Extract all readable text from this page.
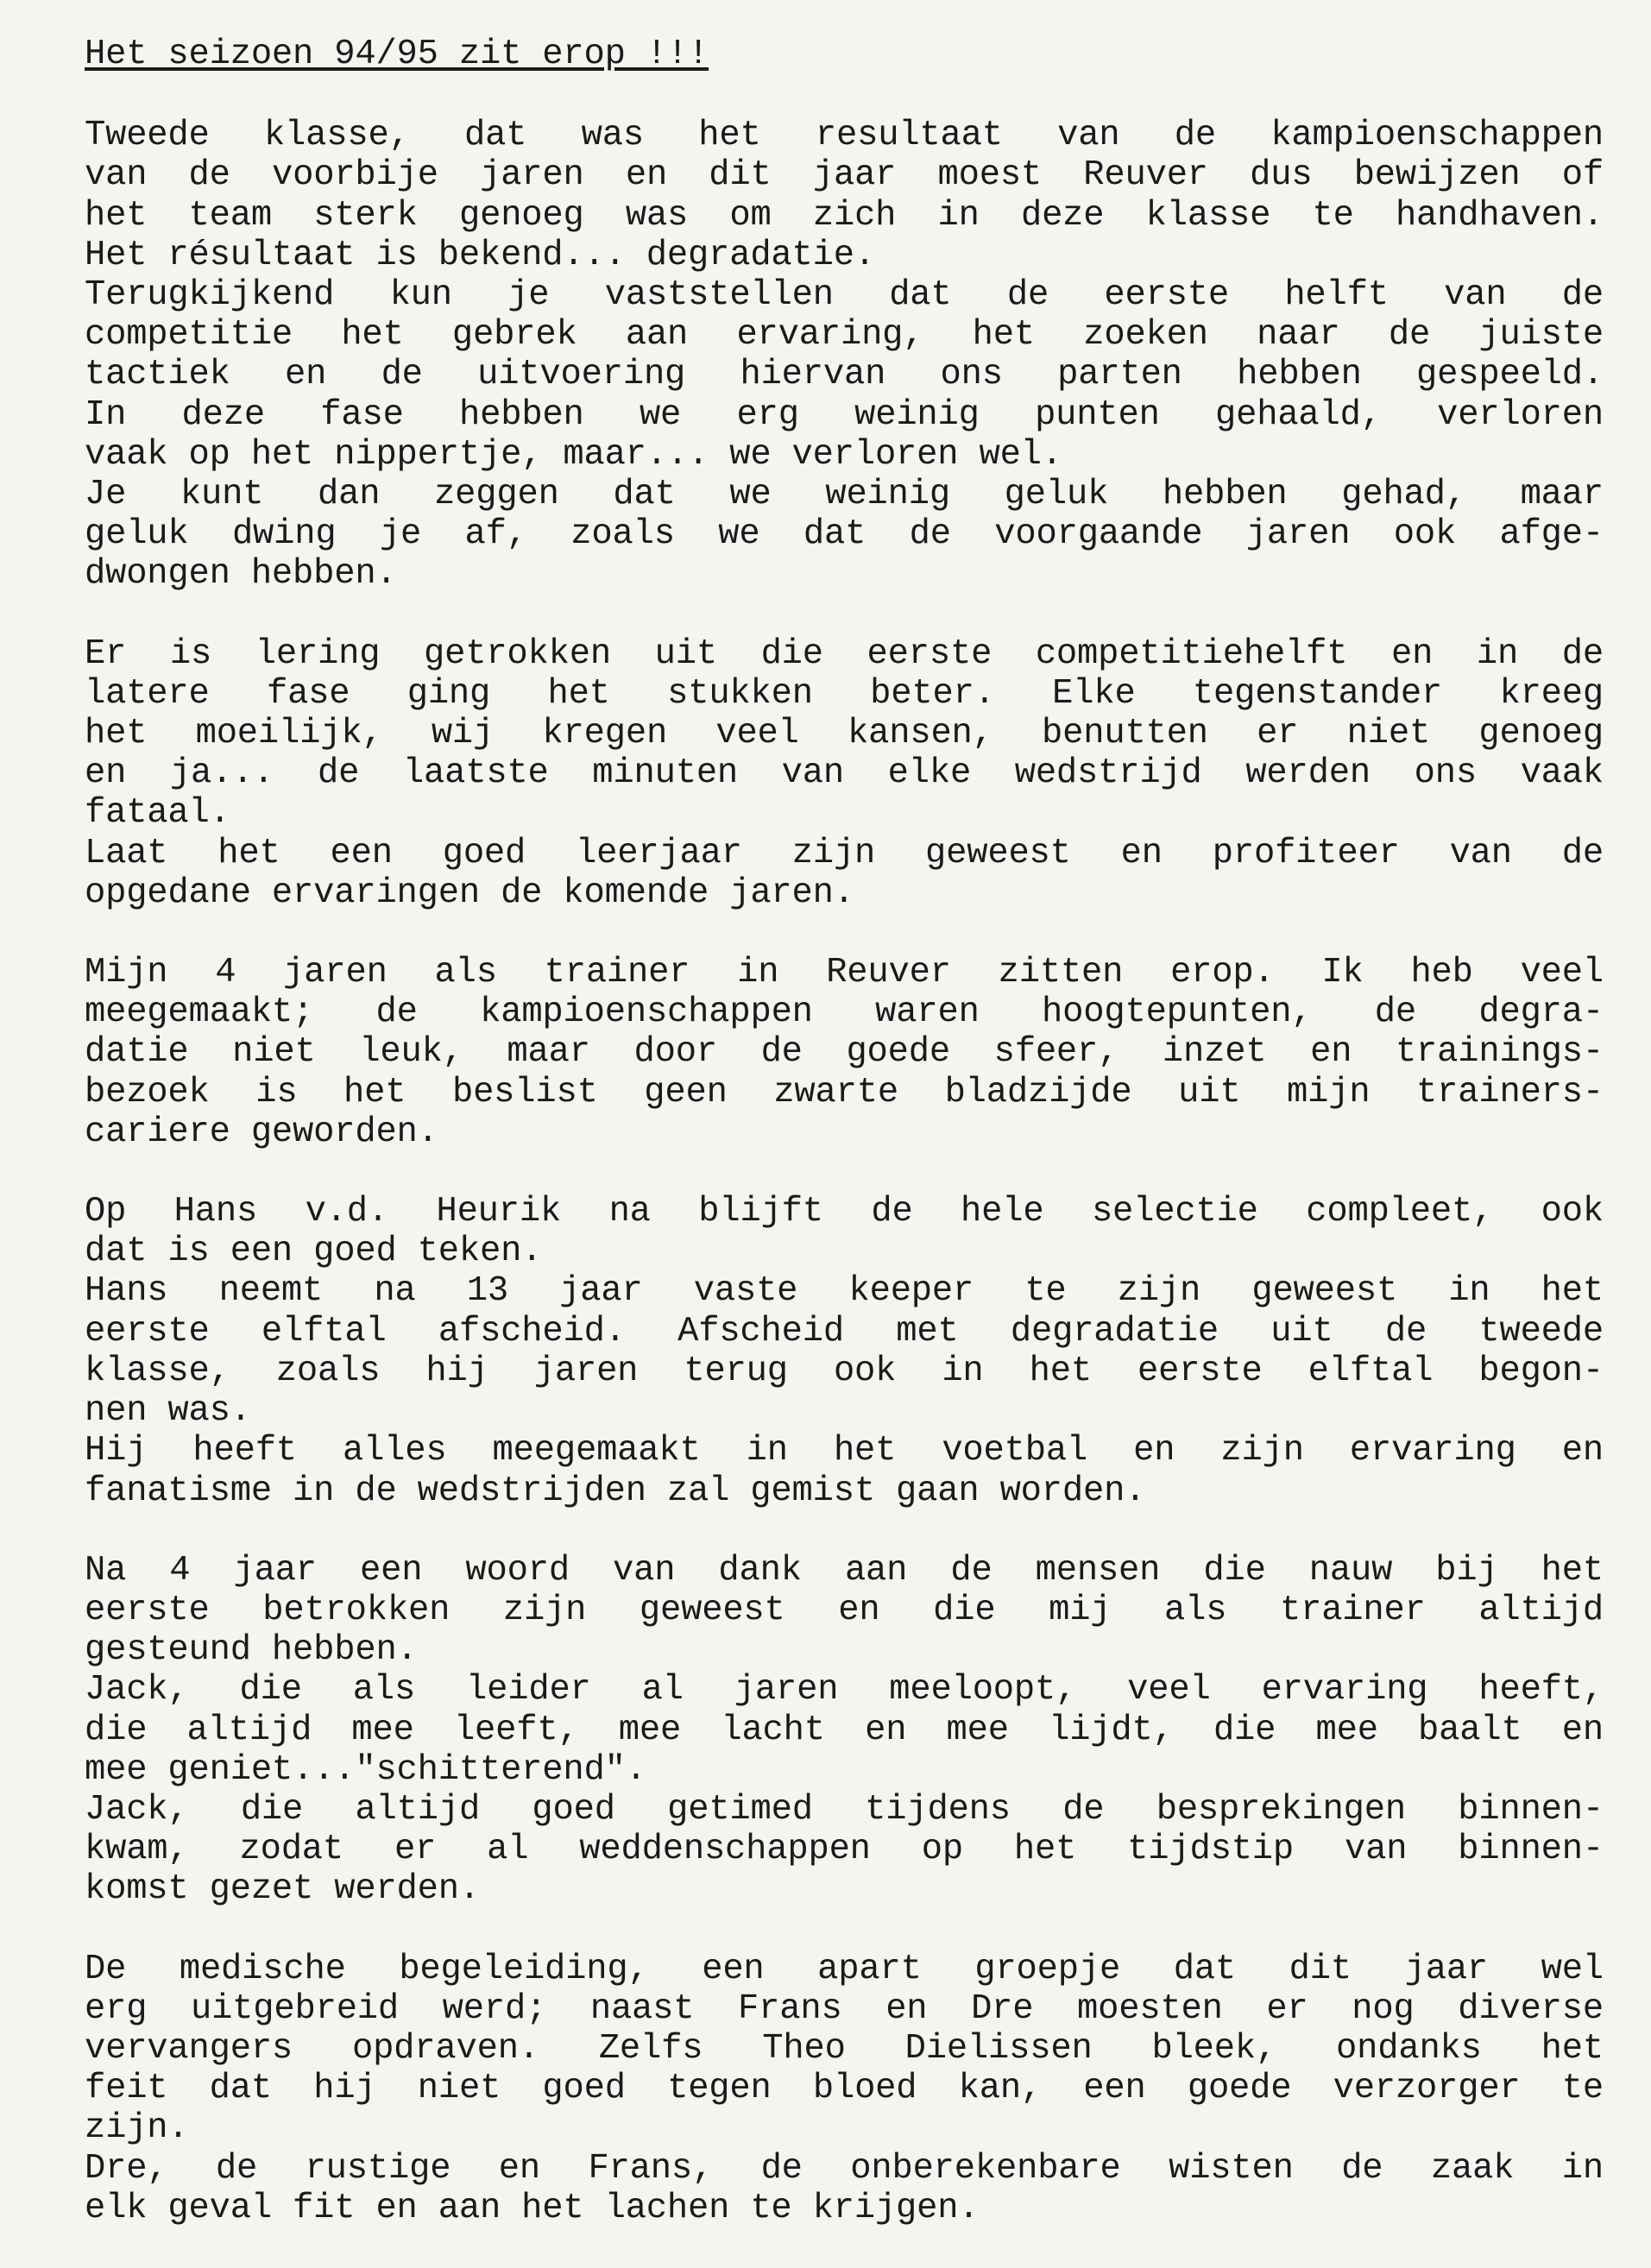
Het seizoen 94/95 zit erop !!!
Tweede klasse, dat was het resultaat van de kampioenschappen
van de voorbije jaren en dit jaar moest Reuver dus bewijzen of
het team sterk genoeg was om zich in deze klasse te handhaven.
Het résultaat is bekend... degradatie.
Terugkijkend kun je vaststellen dat de eerste helft van de
competitie het gebrek aan ervaring, het zoeken naar de juiste
tactiek en de uitvoering hiervan ons parten hebben gespeeld.
In deze fase hebben we erg weinig punten gehaald, verloren
vaak op het nippertje, maar... we verloren wel.
Je kunt dan zeggen dat we weinig geluk hebben gehad, maar
geluk dwing je af, zoals we dat de voorgaande jaren ook afge-
dwongen hebben.
Er is lering getrokken uit die eerste competitiehelft en in de
latere fase ging het stukken beter. Elke tegenstander kreeg
het moeilijk, wij kregen veel kansen, benutten er niet genoeg
en ja... de laatste minuten van elke wedstrijd werden ons vaak
fataal.
Laat het een goed leerjaar zijn geweest en profiteer van de
opgedane ervaringen de komende jaren.
Mijn 4 jaren als trainer in Reuver zitten erop. Ik heb veel
meegemaakt; de kampioenschappen waren hoogtepunten, de degra-
datie niet leuk, maar door de goede sfeer, inzet en trainings-
bezoek is het beslist geen zwarte bladzijde uit mijn trainers-
cariere geworden.
Op Hans v.d. Heurik na blijft de hele selectie compleet, ook
dat is een goed teken.
Hans neemt na 13 jaar vaste keeper te zijn geweest in het
eerste elftal afscheid. Afscheid met degradatie uit de tweede
klasse, zoals hij jaren terug ook in het eerste elftal begon-
nen was.
Hij heeft alles meegemaakt in het voetbal en zijn ervaring en
fanatisme in de wedstrijden zal gemist gaan worden.
Na 4 jaar een woord van dank aan de mensen die nauw bij het
eerste betrokken zijn geweest en die mij als trainer altijd
gesteund hebben.
Jack, die als leider al jaren meeloopt, veel ervaring heeft,
die altijd mee leeft, mee lacht en mee lijdt, die mee baalt en
mee geniet..."schitterend".
Jack, die altijd goed getimed tijdens de besprekingen binnen-
kwam, zodat er al weddenschappen op het tijdstip van binnen-
komst gezet werden.
De medische begeleiding, een apart groepje dat dit jaar wel
erg uitgebreid werd; naast Frans en Dre moesten er nog diverse
vervangers opdraven. Zelfs Theo Dielissen bleek, ondanks het
feit dat hij niet goed tegen bloed kan, een goede verzorger te
zijn.
Dre, de rustige en Frans, de onberekenbare wisten de zaak in
elk geval fit en aan het lachen te krijgen.
